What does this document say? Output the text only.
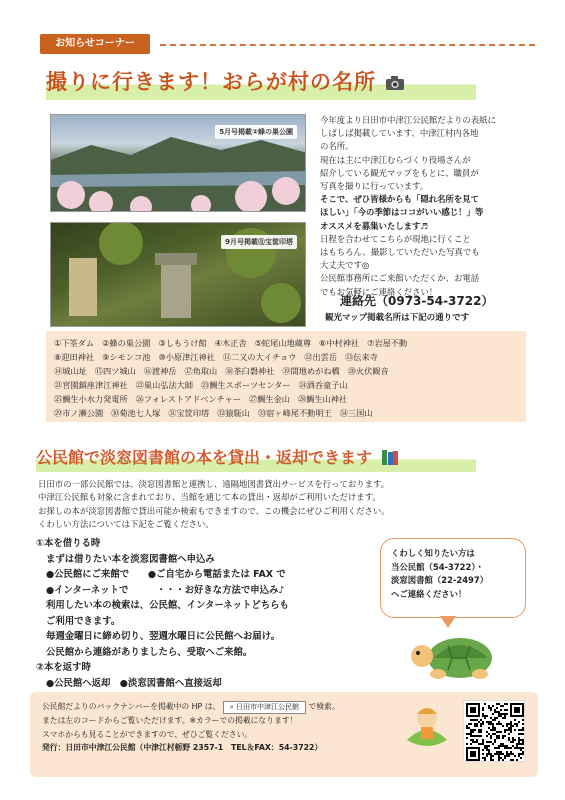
お知らせコーナー
撮りに行きます！おらが村の名所
5月号掲載②蜂の巣公園
9月号掲載㉛宝筐印塔

今年度より日田市中津江公民館だよりの表紙に

しばしば掲載しています、中津江村内各地

の名所。

現在は主に中津江むらづくり役場さんが

紹介している観光マップをもとに、職員が

写真を撮りに行っています。

そこで、ぜひ皆様からも「隠れ名所を見て

ほしい」「今の季節はココがいい感じ！」等

オススメを募集いたします♬

日程を合わせてこちらが現地に行くこと

はもちろん、撮影していただいた写真でも

大丈夫です◎

公民館事務所にご来館いただくか、お電話

でもお気軽にご連絡ください！

連絡先（0973-54-3722）
観光マップ掲載名所は下記の通りです
①下筌ダム ②蜂の巣公園 ③しもうけ館 ④木正舎 ⑤蛇尾山地蔵尊 ⑥中村神社 ⑦岩屋不動
⑧迎田神社 ⑨シモンコ池 ⑩小原津江神社 ⑪二又の大イチョウ ⑫出雲岳 ⑬伝来寺
⑭城山址 ⑮四ツ城山 ⑯渡神岳 ⑰角取山 ⑱茶臼磐神社 ⑲間地めがね橋 ⑳火伏観音
㉑宮園鎮座津江神社 ㉒巣山弘法大師 ㉓鯛生スポーツセンター ㉔酒呑童子山
㉕鯛生小水力発電所 ㉖フォレストアドベンチャー ㉗鯛生金山 ㉘鯛生山神社
㉙市ノ瀬公園 ㉚菊池七人塚 ㉛宝筐印塔 ㉜猿駈山 ㉝宿ヶ峰尾不動明王 ㉞三国山
公民館で淡窓図書館の本を貸出・返却できます

日田市の一部公民館では、淡窓図書館と連携し、遠隔地図書貸出サービスを行っております。

中津江公民館も対象に含まれており、当館を通じて本の貸出・返却がご利用いただけます。

お探しの本が淡窓図書館で貸出可能か検索もできますので、この機会にぜひご利用ください。

くわしい方法については下記をご覧ください。

①本を借りる時

まずは借りたい本を淡窓図書館へ申込み

●公民館にご来館で　　●ご自宅から電話または FAX で

●インターネットで　　　・・・お好きな方法で申込み♪

利用したい本の検索は、公民館、インターネットどちらも

ご利用できます。

毎週金曜日に締め切り、翌週水曜日に公民館へお届け。

公民館から連絡がありましたら、受取へご来館。

②本を返す時

●公民館へ返却　●淡窓図書館へ直接返却

くわしく知りたい方は

当公民館（54-3722）・

淡窓図書館（22-2497）

へご連絡ください！

公民館だよりのバックナンバーを掲載中の HP は、 ⌕ 日田市中津江公民館 で検索。

または左のコードからご覧いただけます。※カラーでの掲載になります！

スマホからも見ることができますので、ぜひご覧ください。

発行：日田市中津江公民館（中津江村栃野 2357-1　TEL＆FAX：54-3722）
